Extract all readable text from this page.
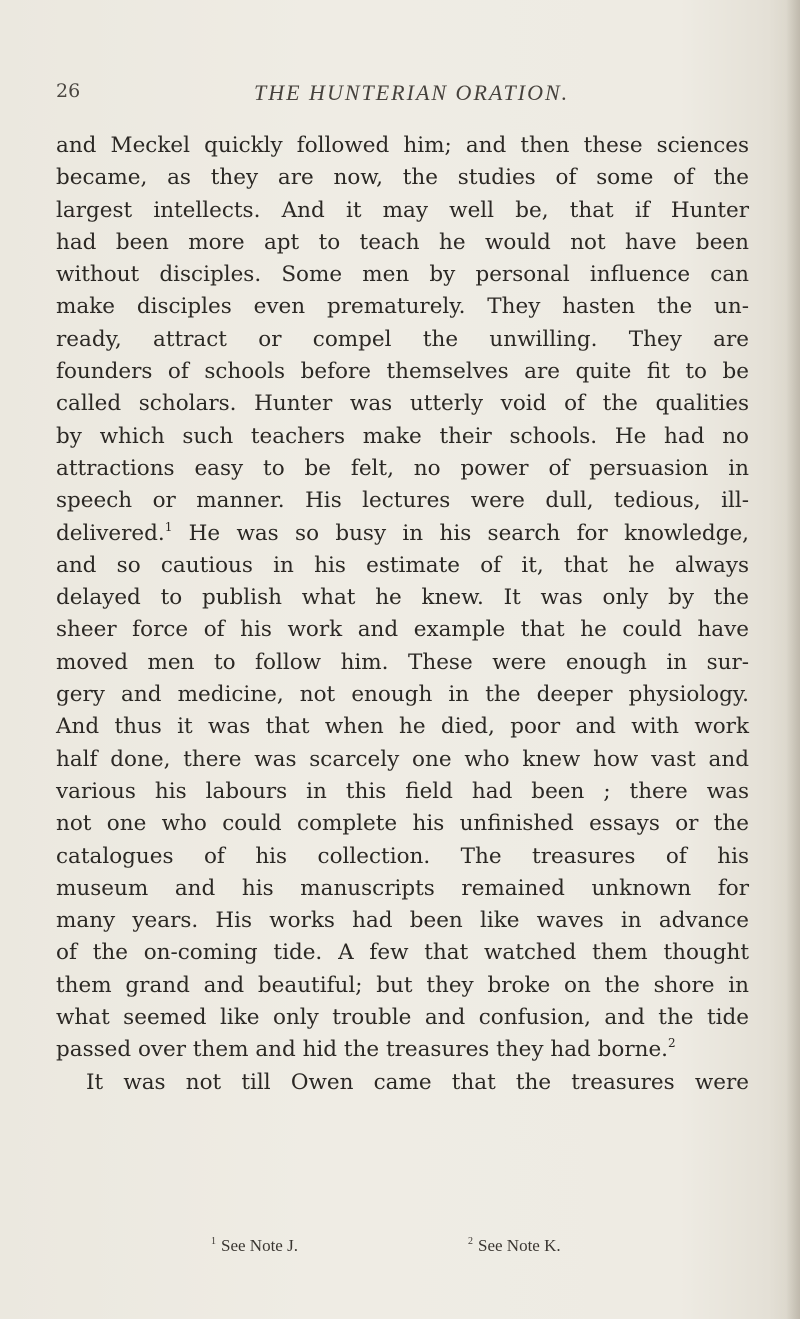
26	THE HUNTERIAN ORATION.
and Meckel quickly followed him; and then these sciences
became, as they are now, the studies of some of the
largest intellects. And it may well be, that if Hunter
had been more apt to teach he would not have been
without disciples. Some men by personal influence can
make disciples even prematurely. They hasten the un-
ready, attract or compel the unwilling. They are
founders of schools before themselves are quite fit to be
called scholars. Hunter was utterly void of the qualities
by which such teachers make their schools. He had no
attractions easy to be felt, no power of persuasion in
speech or manner. His lectures were dull, tedious, ill-
delivered.$^1$ He was so busy in his search for knowledge,
and so cautious in his estimate of it, that he always
delayed to publish what he knew. It was only by the
sheer force of his work and example that he could have
moved men to follow him. These were enough in sur-
gery and medicine, not enough in the deeper physiology.
And thus it was that when he died, poor and with work
half done, there was scarcely one who knew how vast and
various his labours in this field had been ; there was
not one who could complete his unfinished essays or the
catalogues of his collection. The treasures of his
museum and his manuscripts remained unknown for
many years. His works had been like waves in advance
of the on-coming tide. A few that watched them thought
them grand and beautiful; but they broke on the shore in
what seemed like only trouble and confusion, and the tide
passed over them and hid the treasures they had borne.$^2$
It was not till Owen came that the treasures were
$^1$ See Note J.	$^2$ See Note K.
